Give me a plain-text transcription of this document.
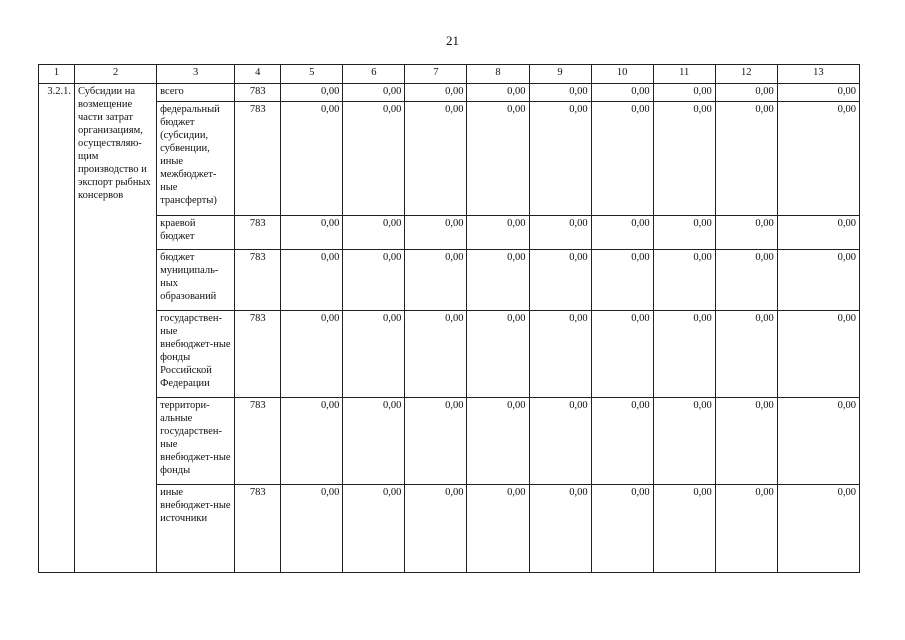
21
1	2	3	4	5	6	7	8	9	10	11	12	13
3.2.1.	Субсидии на возмещение части затрат организациям, осуществляю-щим производство и экспорт рыбных консервов	всего	783	0,00	0,00	0,00	0,00	0,00	0,00	0,00	0,00	0,00
		федеральный бюджет (субсидии, субвенции, иные межбюджет-ные трансферты)	783	0,00	0,00	0,00	0,00	0,00	0,00	0,00	0,00	0,00
		краевой бюджет	783	0,00	0,00	0,00	0,00	0,00	0,00	0,00	0,00	0,00
		бюджет муниципаль-ных образований	783	0,00	0,00	0,00	0,00	0,00	0,00	0,00	0,00	0,00
		государствен-ные внебюджет-ные фонды Российской Федерации	783	0,00	0,00	0,00	0,00	0,00	0,00	0,00	0,00	0,00
		территори-альные государствен-ные внебюджет-ные фонды	783	0,00	0,00	0,00	0,00	0,00	0,00	0,00	0,00	0,00
		иные внебюджет-ные источники	783	0,00	0,00	0,00	0,00	0,00	0,00	0,00	0,00	0,00
